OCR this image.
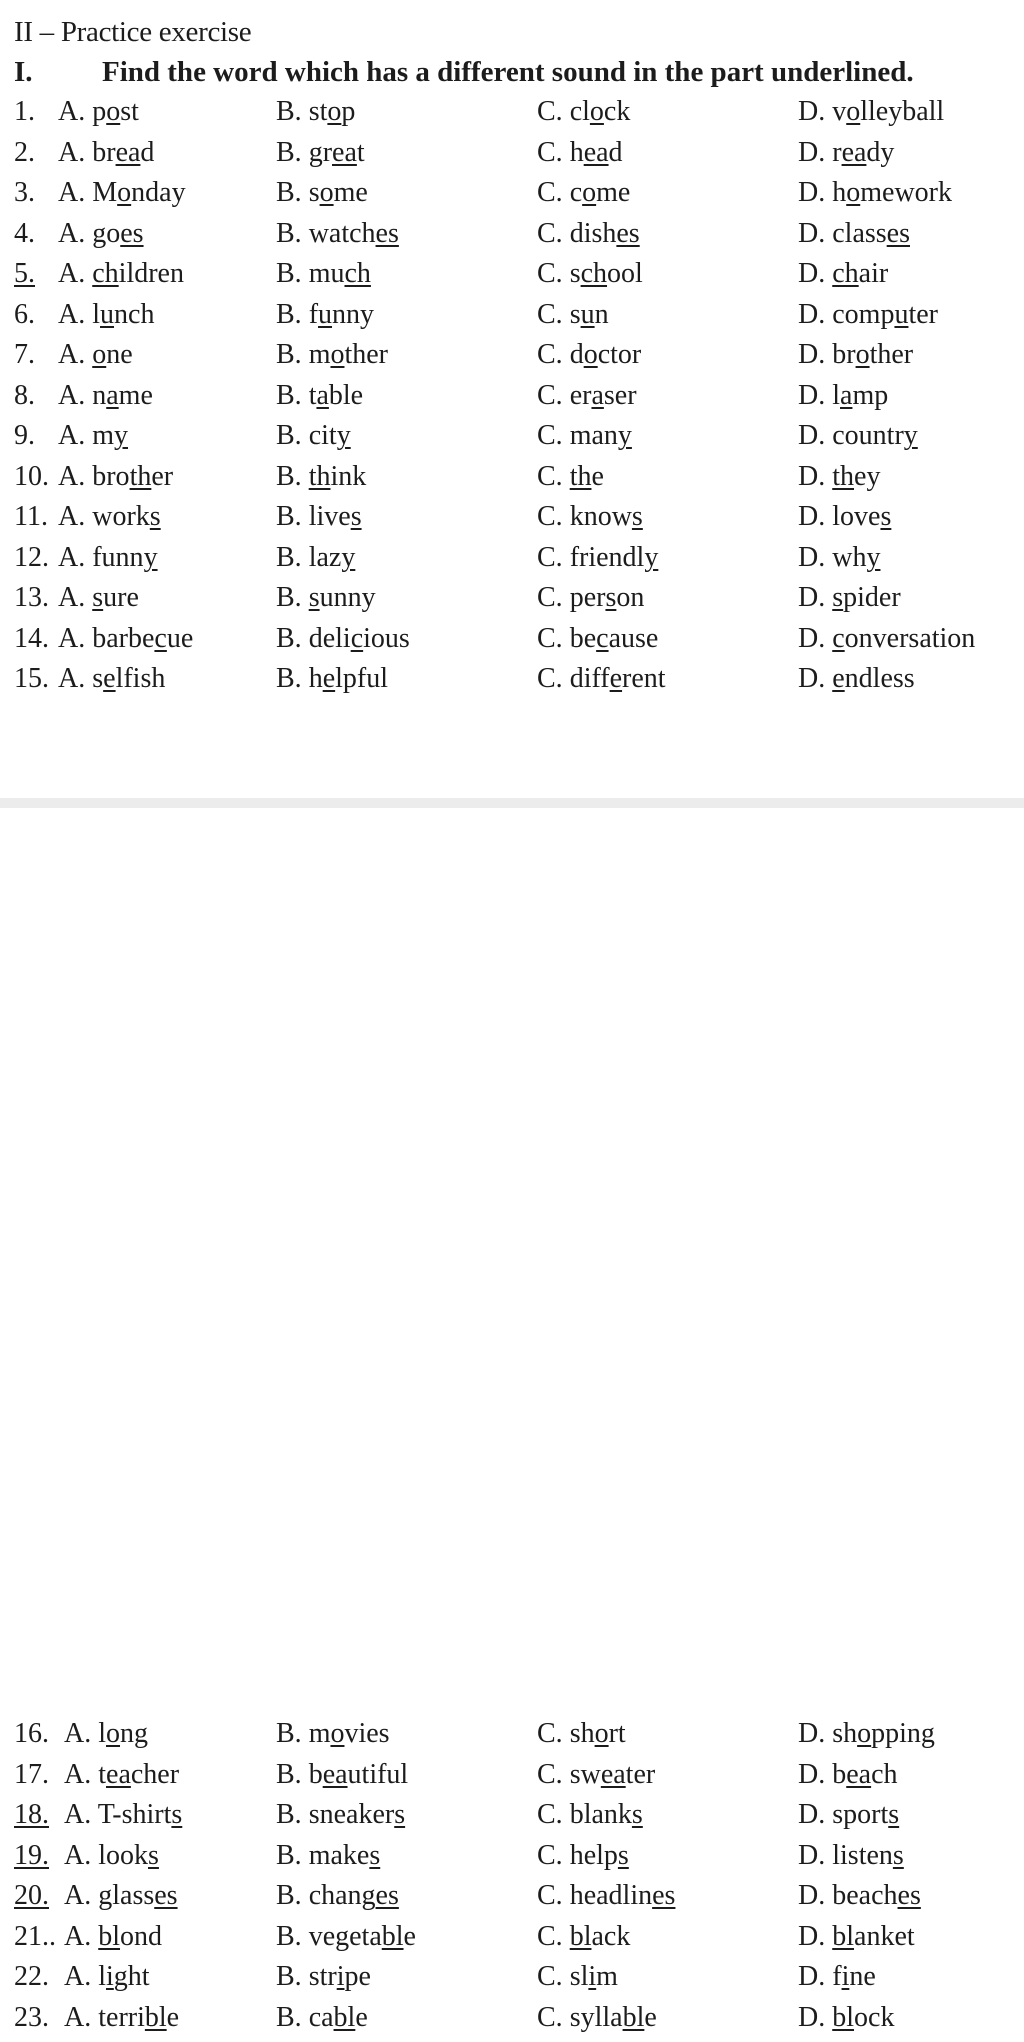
II – Practice exercise
I. Find the word which has a different sound in the part underlined.
1. A. post	B. stop	C. clock	D. volleyball
2. A. bread	B. great	C. head	D. ready
3. A. Monday	B. some	C. come	D. homework
4. A. goes	B. watches	C. dishes	D. classes
5. A. children	B. much	C. school	D. chair
6. A. lunch	B. funny	C. sun	D. computer
7. A. one	B. mother	C. doctor	D. brother
8. A. name	B. table	C. eraser	D. lamp
9. A. my	B. city	C. many	D. country
10. A. brother	B. think	C. the	D. they
11. A. works	B. lives	C. knows	D. loves
12. A. funny	B. lazy	C. friendly	D. why
13. A. sure	B. sunny	C. person	D. spider
14. A. barbecue	B. delicious	C. because	D. conversation
15. A. selfish	B. helpful	C. different	D. endless
16. A. long	B. movies	C. short	D. shopping
17. A. teacher	B. beautiful	C. sweater	D. beach
18. A. T-shirts	B. sneakers	C. blanks	D. sports
19. A. looks	B. makes	C. helps	D. listens
20. A. glasses	B. changes	C. headlines	D. beaches
21.. A. blond	B. vegetable	C. black	D. blanket
22. A. light	B. stripe	C. slim	D. fine
23. A. terrible	B. cable	C. syllable	D. block
